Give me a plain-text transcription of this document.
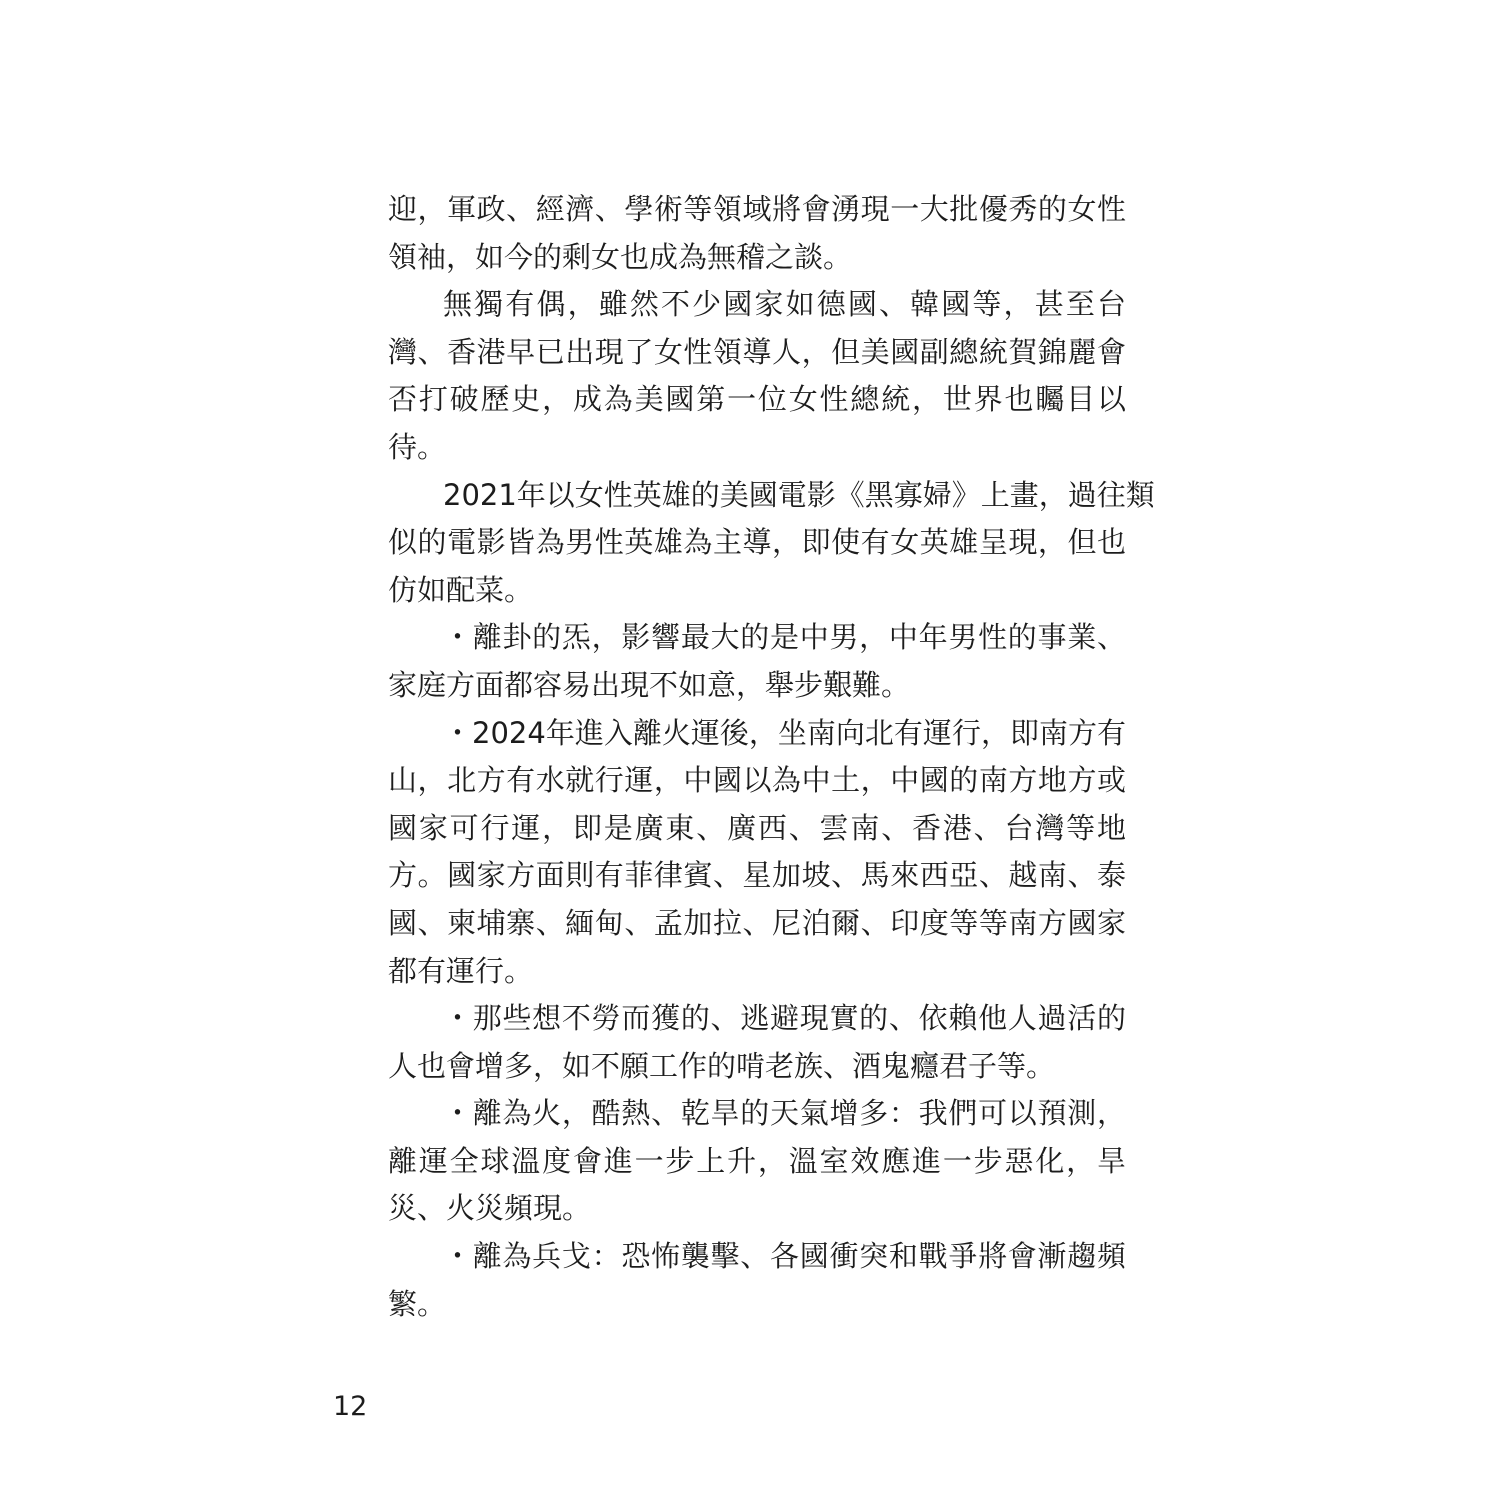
迎，軍政、經濟、學術等領域將會湧現一大批優秀的女性
領袖，如今的剩女也成為無稽之談。
無獨有偶，雖然不少國家如德國、韓國等，甚至台
灣、香港早已出現了女性領導人，但美國副總統賀錦麗會
否打破歷史，成為美國第一位女性總統，世界也矚目以
待。
2021年以女性英雄的美國電影《黑寡婦》上畫，過往類
似的電影皆為男性英雄為主導，即使有女英雄呈現，但也
仿如配菜。
・離卦的炁，影響最大的是中男，中年男性的事業、
家庭方面都容易出現不如意，舉步艱難。
・2024年進入離火運後，坐南向北有運行，即南方有
山，北方有水就行運，中國以為中土，中國的南方地方或
國家可行運，即是廣東、廣西、雲南、香港、台灣等地
方。國家方面則有菲律賓、星加坡、馬來西亞、越南、泰
國、柬埔寨、緬甸、孟加拉、尼泊爾、印度等等南方國家
都有運行。
・那些想不勞而獲的、逃避現實的、依賴他人過活的
人也會增多，如不願工作的啃老族、酒鬼癮君子等。
・離為火，酷熱、乾旱的天氣增多：我們可以預測，
離運全球溫度會進一步上升，溫室效應進一步惡化，旱
災、火災頻現。
・離為兵戈：恐怖襲擊、各國衝突和戰爭將會漸趨頻
繁。
12
